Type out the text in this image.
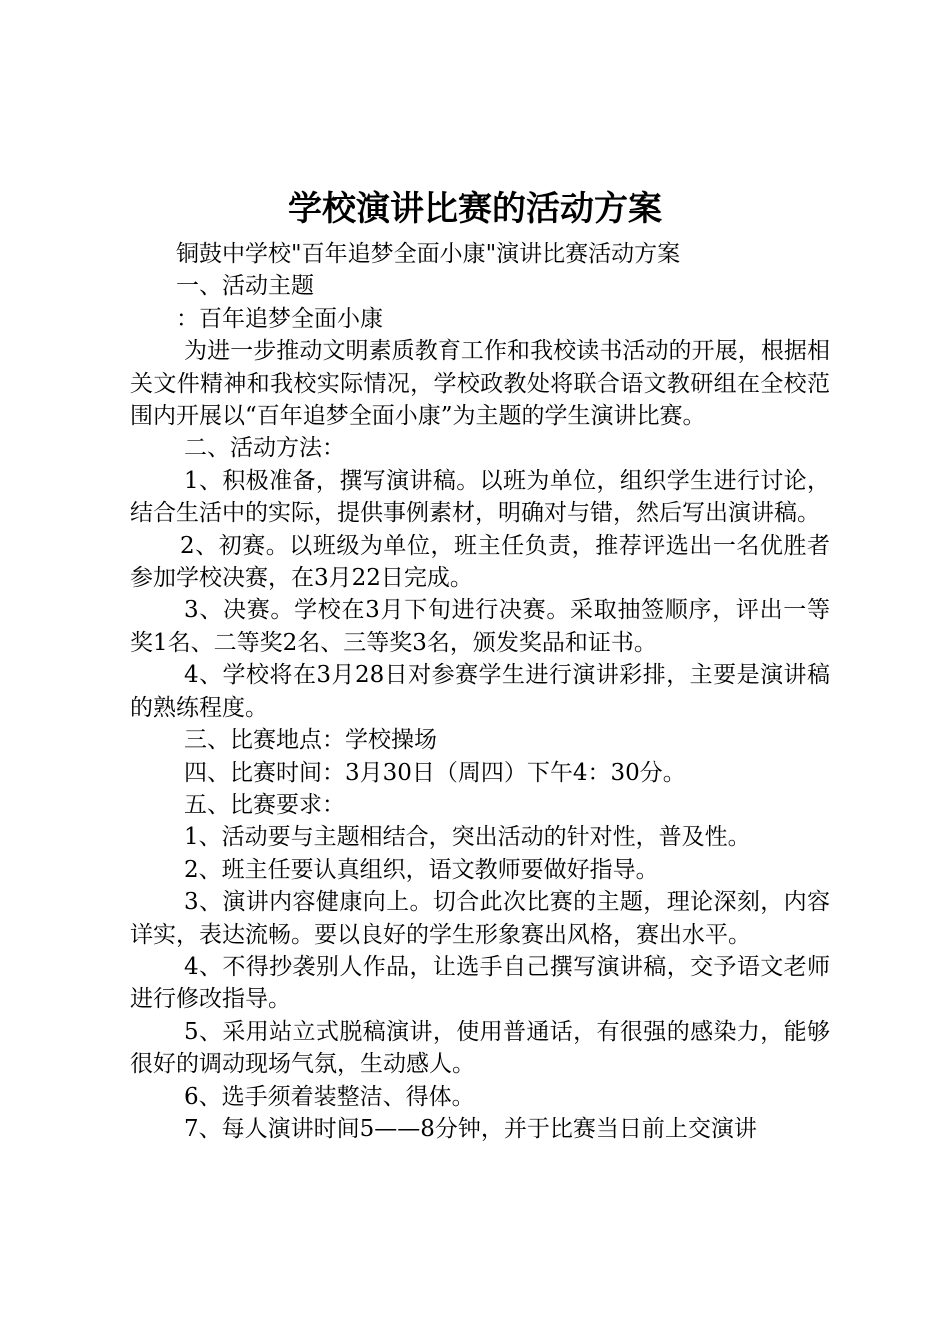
学校演讲比赛的活动方案

铜鼓中学校"百年追梦全面小康"演讲比赛活动方案

一、活动主题

：百年追梦全面小康

为进一步推动文明素质教育工作和我校读书活动的开展，根据相关文件精神和我校实际情况，学校政教处将联合语文教研组在全校范围内开展以“百年追梦全面小康”为主题的学生演讲比赛。

二、活动方法：

1、积极准备，撰写演讲稿。以班为单位，组织学生进行讨论，结合生活中的实际，提供事例素材，明确对与错，然后写出演讲稿。

2、初赛。以班级为单位，班主任负责，推荐评选出一名优胜者参加学校决赛，在3月22日完成。

3、决赛。学校在3月下旬进行决赛。采取抽签顺序，评出一等奖1名、二等奖2名、三等奖3名，颁发奖品和证书。

4、学校将在3月28日对参赛学生进行演讲彩排，主要是演讲稿的熟练程度。

三、比赛地点：学校操场

四、比赛时间：3月30日（周四）下午4：30分。

五、比赛要求：

1、活动要与主题相结合，突出活动的针对性，普及性。

2、班主任要认真组织，语文教师要做好指导。

3、演讲内容健康向上。切合此次比赛的主题，理论深刻，内容详实，表达流畅。要以良好的学生形象赛出风格，赛出水平。

4、不得抄袭别人作品，让选手自己撰写演讲稿，交予语文老师进行修改指导。

5、采用站立式脱稿演讲，使用普通话，有很强的感染力，能够很好的调动现场气氛，生动感人。

6、选手须着装整洁、得体。

7、每人演讲时间5——8分钟，并于比赛当日前上交演讲
